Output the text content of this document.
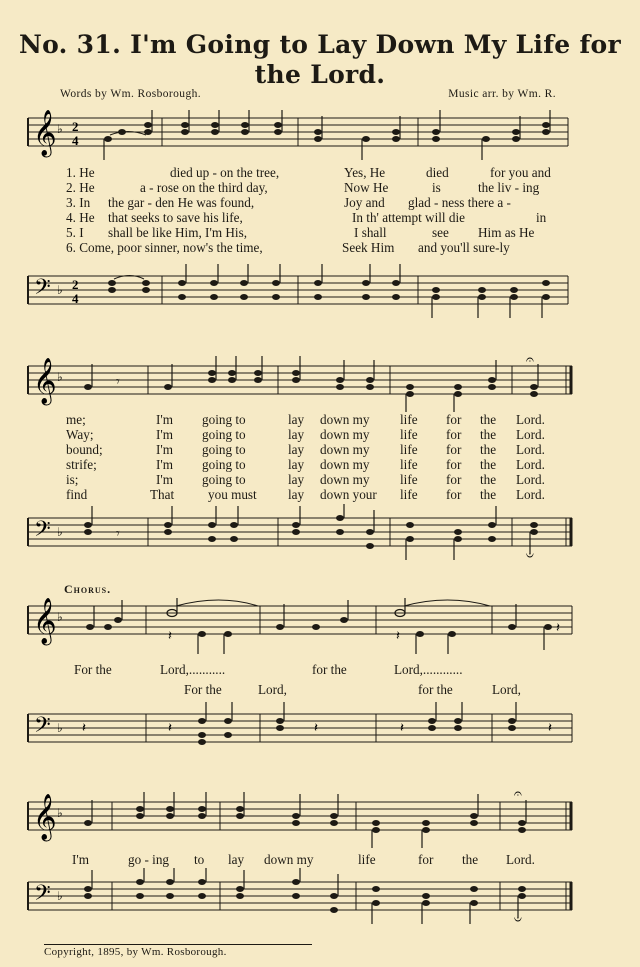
No. 31. I'm Going to Lay Down My Life for
the Lord.
Words by Wm. Rosborough.	Music arr. by Wm. R.
𝄞 ♭ 2
4
1. He	died up - on the tree,	Yes, He	died	for you and
2. He	a - rose on the third day,	Now He	is	the liv - ing
3. In the gar - den He was found,	Joy and glad - ness there a -
4. He that seeks to save his life,	In th' attempt will die	in
5. I shall be like Him, I'm His,	I shall	see Him as He
6. Come, poor sinner, now's the time,	Seek Him and you'll sure-ly
𝄢 ♭ 2
4
𝄞 ♭	𝄾
𝄐
me;	I'm going to	lay down my life for the Lord.
Way;	I'm going to	lay down my life for the Lord.
bound;	I'm going to	lay down my life for the Lord.
strife;	I'm going to	lay down my life for the Lord.
is;	I'm going to	lay down my life for the Lord.
find	That	you must lay down your life for the Lord.
𝄢 ♭	𝄾
𝄑
Chorus.
𝄞 ♭
𝄽	𝄽
𝄽
For the	Lord,...........	for the	Lord,............
For the	Lord,	for the	Lord,
𝄢 ♭ 𝄽	𝄽	𝄽	𝄽	𝄽
𝄞 ♭
𝄐
I'm	go - ing to lay down my	life	for the Lord.
𝄢 ♭
𝄑
Copyright, 1895, by Wm. Rosborough.
